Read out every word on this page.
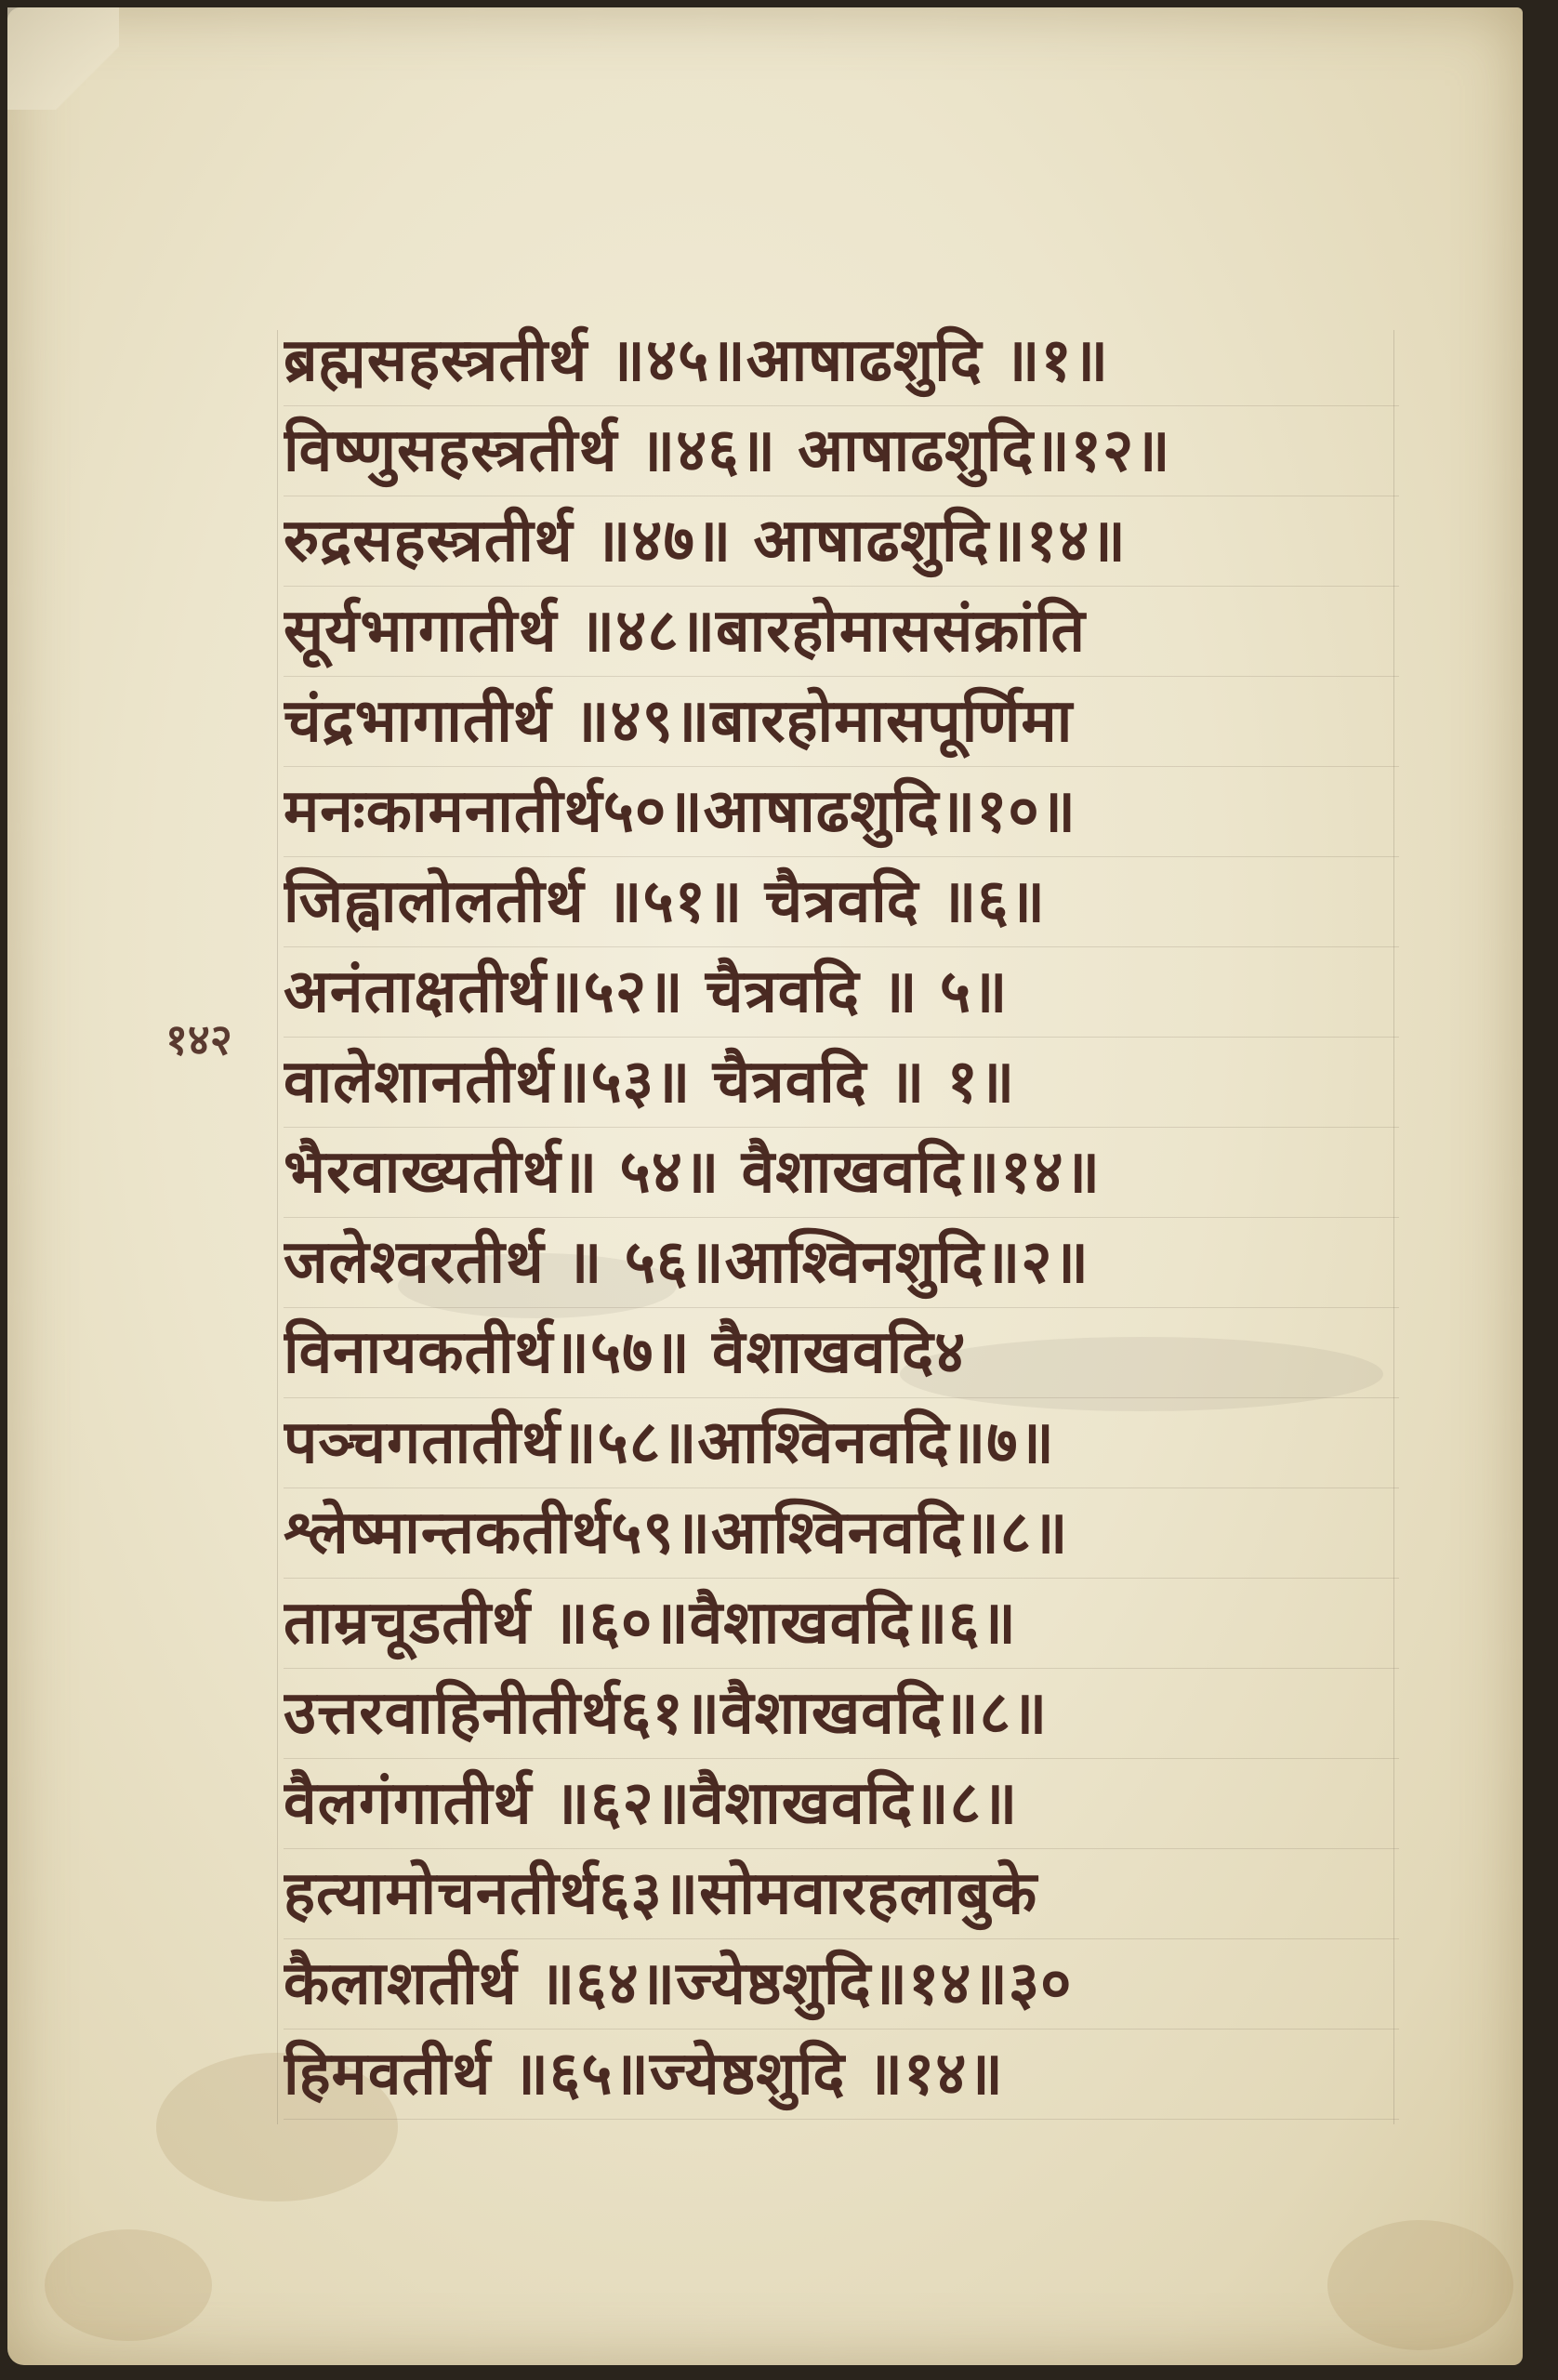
१४२
ब्रह्मसहस्त्रतीर्थ ॥४५॥आषाढशुदि ॥१॥
विष्णुसहस्त्रतीर्थ ॥४६॥ आषाढशुदि॥१२॥
रुद्रसहस्त्रतीर्थ ॥४७॥ आषाढशुदि॥१४॥
सूर्यभागातीर्थ ॥४८॥बारहोमाससंक्रांति
चंद्रभागातीर्थ ॥४९॥बारहोमासपूर्णिमा
मनःकामनातीर्थ५०॥आषाढशुदि॥१०॥
जिह्वालोलतीर्थ ॥५१॥ चैत्रवदि ॥६॥
अनंताक्षतीर्थ॥५२॥ चैत्रवदि ॥ ५॥
वालेशानतीर्थ॥५३॥ चैत्रवदि ॥ १॥
भैरवाख्यतीर्थ॥ ५४॥ वैशाखवदि॥१४॥
जलेश्वरतीर्थ ॥ ५६॥आश्विनशुदि॥२॥
विनायकतीर्थ॥५७॥ वैशाखवदि४
पञ्चगतातीर्थ॥५८॥आश्विनवदि॥७॥
श्लेष्मान्तकतीर्थ५९॥आश्विनवदि॥८॥
ताम्रचूडतीर्थ ॥६०॥वैशाखवदि॥६॥
उत्तरवाहिनीतीर्थ६१॥वैशाखवदि॥८॥
वैलगंगातीर्थ ॥६२॥वैशाखवदि॥८॥
हत्यामोचनतीर्थ६३॥सोमवारहलाबुके
कैलाशतीर्थ ॥६४॥ज्येष्ठशुदि॥१४॥३०
हिमवतीर्थ ॥६५॥ज्येष्ठशुदि ॥१४॥
